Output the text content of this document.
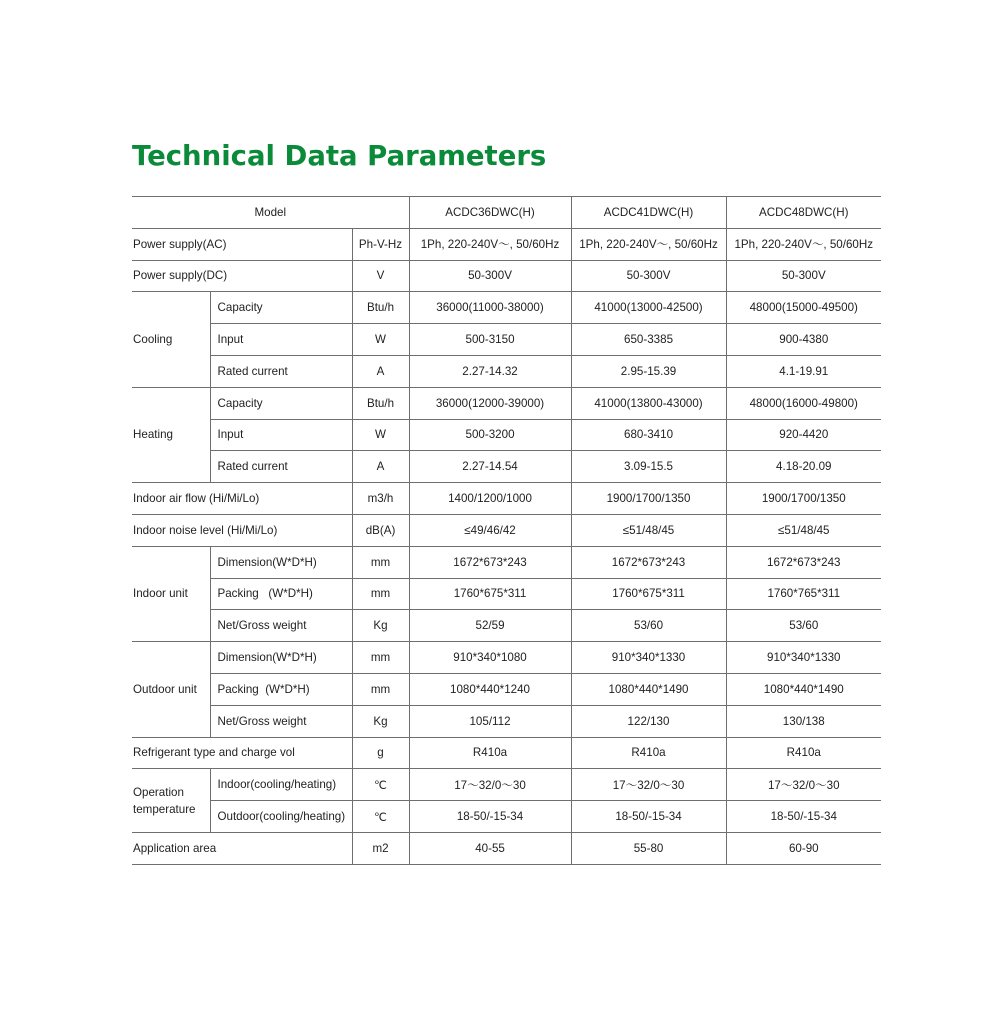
Technical Data Parameters
Model			ACDC36DWC(H)	ACDC41DWC(H)	ACDC48DWC(H)
Power supply(AC)		Ph-V-Hz	1Ph, 220-240V～, 50/60Hz	1Ph, 220-240V～, 50/60Hz	1Ph, 220-240V～, 50/60Hz
Power supply(DC)		V	50-300V	50-300V	50-300V
Cooling	Capacity	Btu/h	36000(11000-38000)	41000(13000-42500)	48000(15000-49500)
	Input	W	500-3150	650-3385	900-4380
	Rated current	A	2.27-14.32	2.95-15.39	4.1-19.91
Heating	Capacity	Btu/h	36000(12000-39000)	41000(13800-43000)	48000(16000-49800)
	Input	W	500-3200	680-3410	920-4420
	Rated current	A	2.27-14.54	3.09-15.5	4.18-20.09
Indoor air flow (Hi/Mi/Lo)		m3/h	1400/1200/1000	1900/1700/1350	1900/1700/1350
Indoor noise level (Hi/Mi/Lo)		dB(A)	≤49/46/42	≤51/48/45	≤51/48/45
Indoor unit	Dimension(W*D*H)	mm	1672*673*243	1672*673*243	1672*673*243
	Packing   (W*D*H)	mm	1760*675*311	1760*675*311	1760*765*311
	Net/Gross weight	Kg	52/59	53/60	53/60
Outdoor unit	Dimension(W*D*H)	mm	910*340*1080	910*340*1330	910*340*1330
	Packing  (W*D*H)	mm	1080*440*1240	1080*440*1490	1080*440*1490
	Net/Gross weight	Kg	105/112	122/130	130/138
Refrigerant type and charge vol		g	R410a	R410a	R410a
Operation temperature	Indoor(cooling/heating)	℃	17～32/0～30	17～32/0～30	17～32/0～30
	Outdoor(cooling/heating)	℃	18-50/-15-34	18-50/-15-34	18-50/-15-34
Application area		m2	40-55	55-80	60-90
